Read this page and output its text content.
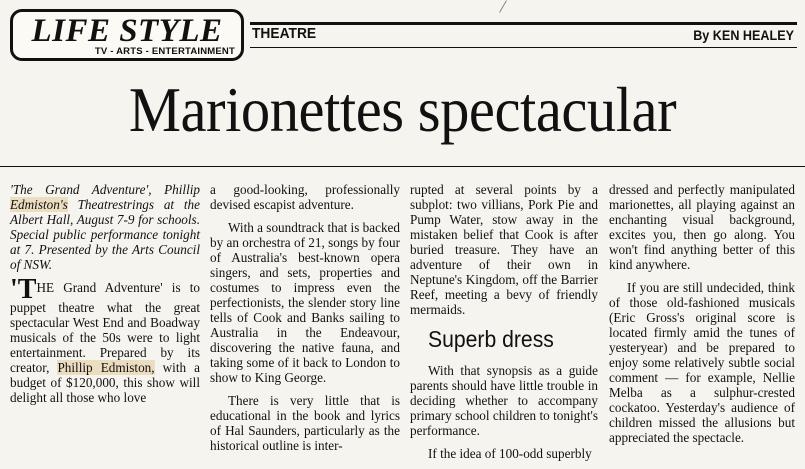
LIFE STYLE
TV - ARTS - ENTERTAINMENT
THEATRE	By KEN HEALEY
Marionettes spectacular

'The Grand Adventure', Phillip Edmiston's Theatrestrings at the Albert Hall, August 7-9 for schools. Special public performance tonight at 7. Presented by the Arts Council of NSW.

'THE Grand Adventure' is to puppet theatre what the great spectacular West End and Boadway musicals of the 50s were to light entertainment. Prepared by its creator, Phillip Edmiston, with a budget of $120,000, this show will delight all those who love

a good-looking, professionally devised escapist adventure.

With a soundtrack that is backed by an orchestra of 21, songs by four of Australia's best-known opera singers, and sets, properties and costumes to impress even the perfectionists, the slender story line tells of Cook and Banks sailing to Australia in the Endeavour, discovering the native fauna, and taking some of it back to London to show to King George.

There is very little that is educational in the book and lyrics of Hal Saunders, particularly as the historical outline is inter-

rupted at several points by a subplot: two villians, Pork Pie and Pump Water, stow away in the mistaken belief that Cook is after buried treasure. They have an adventure of their own in Neptune's Kingdom, off the Barrier Reef, meeting a bevy of friendly mermaids.

Superb dress

With that synopsis as a guide parents should have little trouble in deciding whether to accompany primary school children to tonight's performance.

If the idea of 100-odd superbly

dressed and perfectly manipulated marionettes, all playing against an enchanting visual background, excites you, then go along. You won't find anything better of this kind anywhere.

If you are still undecided, think of those old-fashioned musicals (Eric Gross's original score is located firmly amid the tunes of yesteryear) and be prepared to enjoy some relatively subtle social comment — for example, Nellie Melba as a sulphur-crested cockatoo. Yesterday's audience of children missed the allusions but appreciated the spectacle.
